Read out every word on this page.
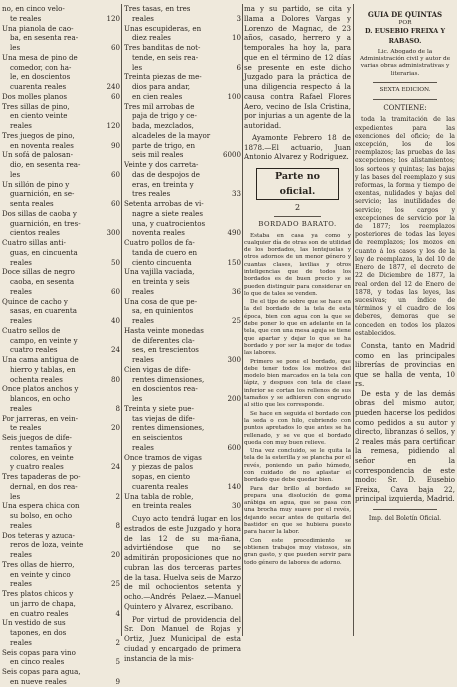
no, en cinco velo-
te reales	120
Una pianola de cao-
ba, en sesenta rea-
les	60
Una mesa de pino de
comedor, con ha-
le, en doscientos
cuarenta reales	240
Dos molles planos	60
Tres sillas de pino,
en ciento veinte
reales	120
Tres juegos de pino,
en noventa reales	90
Un sofá de palosan-
dio, en sesenta rea-
les	60
Un sillón de pino y
guarnición, en se-
senta reales	60
Dos sillas de caoba y
guarnición, en tres-
cientos reales	300
Cuatro sillas anti-
guas, en cincuenta
reales	50
Doce sillas de negro
caoba, en sesenta
reales	60
Quince de cacho y
sasas, en cuarenta
reales	40
Cuatro sellos de
campo, en veinte y
cuatro reales	24
Una cama antigua de
hierro y tablas, en
ochenta reales	80
Once platos anchos y
blancos, en ocho
reales	8
Por jarreras, en vein-
te reales	20
Seis juegos de dife-
rentes tamaños y
colores, en veinte
y cuatro reales	24
Tres tapaderas de po-
dernal, en dos rea-
les	2
Una espera chica con
su bolso, en ocho
reales	8
Dos teteras y azuca-
reros de loza, veinte
reales	20
Tres ollas de hierro,
en veinte y cinco
reales	25
Tres platos chicos y
un jarro de chapa,
en cuatro reales	4
Un vestido de sus
tapones, en dos
reales	2
Seis copas para vino
en cinco reales	5
Seis copas para agua,
en nueve reales	9
Tres tasas, en tres
reales	3
Unas escupideras, en
diez reales	10
Tres banditas de not-
tende, en seis rea-
les	6
Treinta piezas de me-
dios para andar,
en cien reales	100
Tres mil arrobas de
paja de trigo y ce-
bada, mezclados,
alcadeles de la mayor
parte de trigo, en
seis mil reales	6000
Veinte y dos carreta-
das de despojos de
eras, en treinta y
tres reales	33
Setenta arrobas de vi-
nagre a siete reales
una, y cuatrocientos
noventa reales	490
Cuatro pollos de fa-
tanda de cuero en
ciento cincuenta	150
Una vajilla vaciada,
en treinta y seis
reales	36
Una cosa de que pe-
sa, en quinientos
reales	25
Hasta veinte monedas
de diferentes cla-
ses, en trescientos
reales	300
Cien vigas de dife-
rentes dimensiones,
en doscientos rea-
les	200
Treinta y siete pue-
tas viejas de dife-
rentes dimensiones,
en seiscientos
reales	600
Once tramos de vigas
y piezas de palos
sopas, en ciento
cuarenta reales	140
Una tabla de roble,
en treinta reales	30

Cuyo acto tendrá lugar en los estrados de este Juzgado y hora de las 12 de su ma-ñana, advirtiéndose que no se admitirán proposiciones que no cubran las dos terceras partes de la tasa. Huelva seis de Marzo de mil ochocientos setenta y ocho.—Andrés Pelaez.—Manuel Quintero y Alvarez, escribano.

Por virtud de providencia del Sr. Don Manuel de Rojas y Ortiz, Juez Municipal de esta ciudad y encargado de primera instancia de la mis-

ma y su partido, se cita y llama a Dolores Vargas y Lorenzo de Magnac, de 23 años, casado, herrero y a temporales ha hoy la, para que en el término de 12 días se presente en este dicho Juzgado para la práctica de una diligencia respecto á la causa contra Rafael Flores Aero, vecino de Isla Cristina, por injurias a un agente de la autoridad.

Ayamonte Febrero 18 de 1878.—El actuario, Juan Antonio Alvarez y Rodriguez.

Parte no oficial.
2
BORDADO BARATO.

Estaba en casa ya como y cualquier día de otras son de utilidad de los bordados, las lentejuelas y otros adornos de un menor género y cuantas clases, lavilias y otros inteligencias que de todos los bordados es de buen precio y se pueden distinguir para considerar en lo que de tales se venden.

De el tipo de sobre que se hace en la del bordado de la tela de esta época, bien con agua con la que se debe poner lo que en adelante en la tela, que con una mesa aguja se tiene que apartar y dejar lo que se ha bordado y por ser la mejor de todas las labores.

Primero se pone el bordado, que debe tener todos los motivos del modelo bien marcados en la tela con lápiz, y despues con tela de clase inferior se cortan los rellenos de sus tamaños y se adhieren con engrudo al sitio que les corresponde.

Se hace en seguida el bordado con la seda o con hilo, cubriendo con puntos apretados lo que antes se ha rellenado, y se ve que el bordado queda con muy buen relieve.

Una vez concluido, se le quita la tela de la esterilla y se plancha por el revés, poniendo un paño húmedo, con cuidado de no aplastar el bordado que debe quedar bien.

Para dar brillo al bordado se prepara una disolución de goma arábiga en agua, que se pasa con una brocha muy suave por el revés, dejando secar antes de quitarla del bastidor en que se hubiera puesto para hacer la labor.

Con este procedimiento se obtienen trabajos muy vistosos, sin gran gasto, y que pueden servir para todo género de labores de adorno.

GUIA DE QUINTAS
POR
D. EUSEBIO FREIXA Y RABASO.
Lic. Abogado de la Administración civil y autor de varias obras administrativas y literarias.
SEXTA EDICION.
CONTIENE:

toda la tramitación de las expedientes para las exenciones del oficio; de la excepción, los de los reemplazos; las pruebas de las excepciones; los alistamientos; los sorteos y quintas; las bajas y las bases del reemplazo y sus reformas, la forma y tiempo de exentas, nulidades y bajas del servicio; las inutilidades de servicio; los cargos y excepciones de servicio por la de 1877; los reemplazos posteriores de todas las leyes de reemplazos; los mozos en cuanto á los casos y los de la ley de reemplazos, la del 10 de Enero de 1877, el decreto de 22 de Diciembre de 1877, la real orden del 12 de Enero de 1878, y todas las leyes, las sucesivas; un índice de términos y el cuadro de los deberes, demoras que se conceden en todos los plazos establecidos.

Consta, tanto en Madrid como en las principales librerías de provincias en que se halla de venta, 10 rs.

De esta y de las demás obras del mismo autor, pueden hacerse los pedidos como pedidos a su autor y directo, libranzas ó sellos, y 2 reales más para certificar la remesa, pidiendo al señor en la correspondencia de este modo: Sr. D. Eusebio Freixa, Cava baja 22, principal izquierda, Madrid.

Imp. del Boletín Oficial.
